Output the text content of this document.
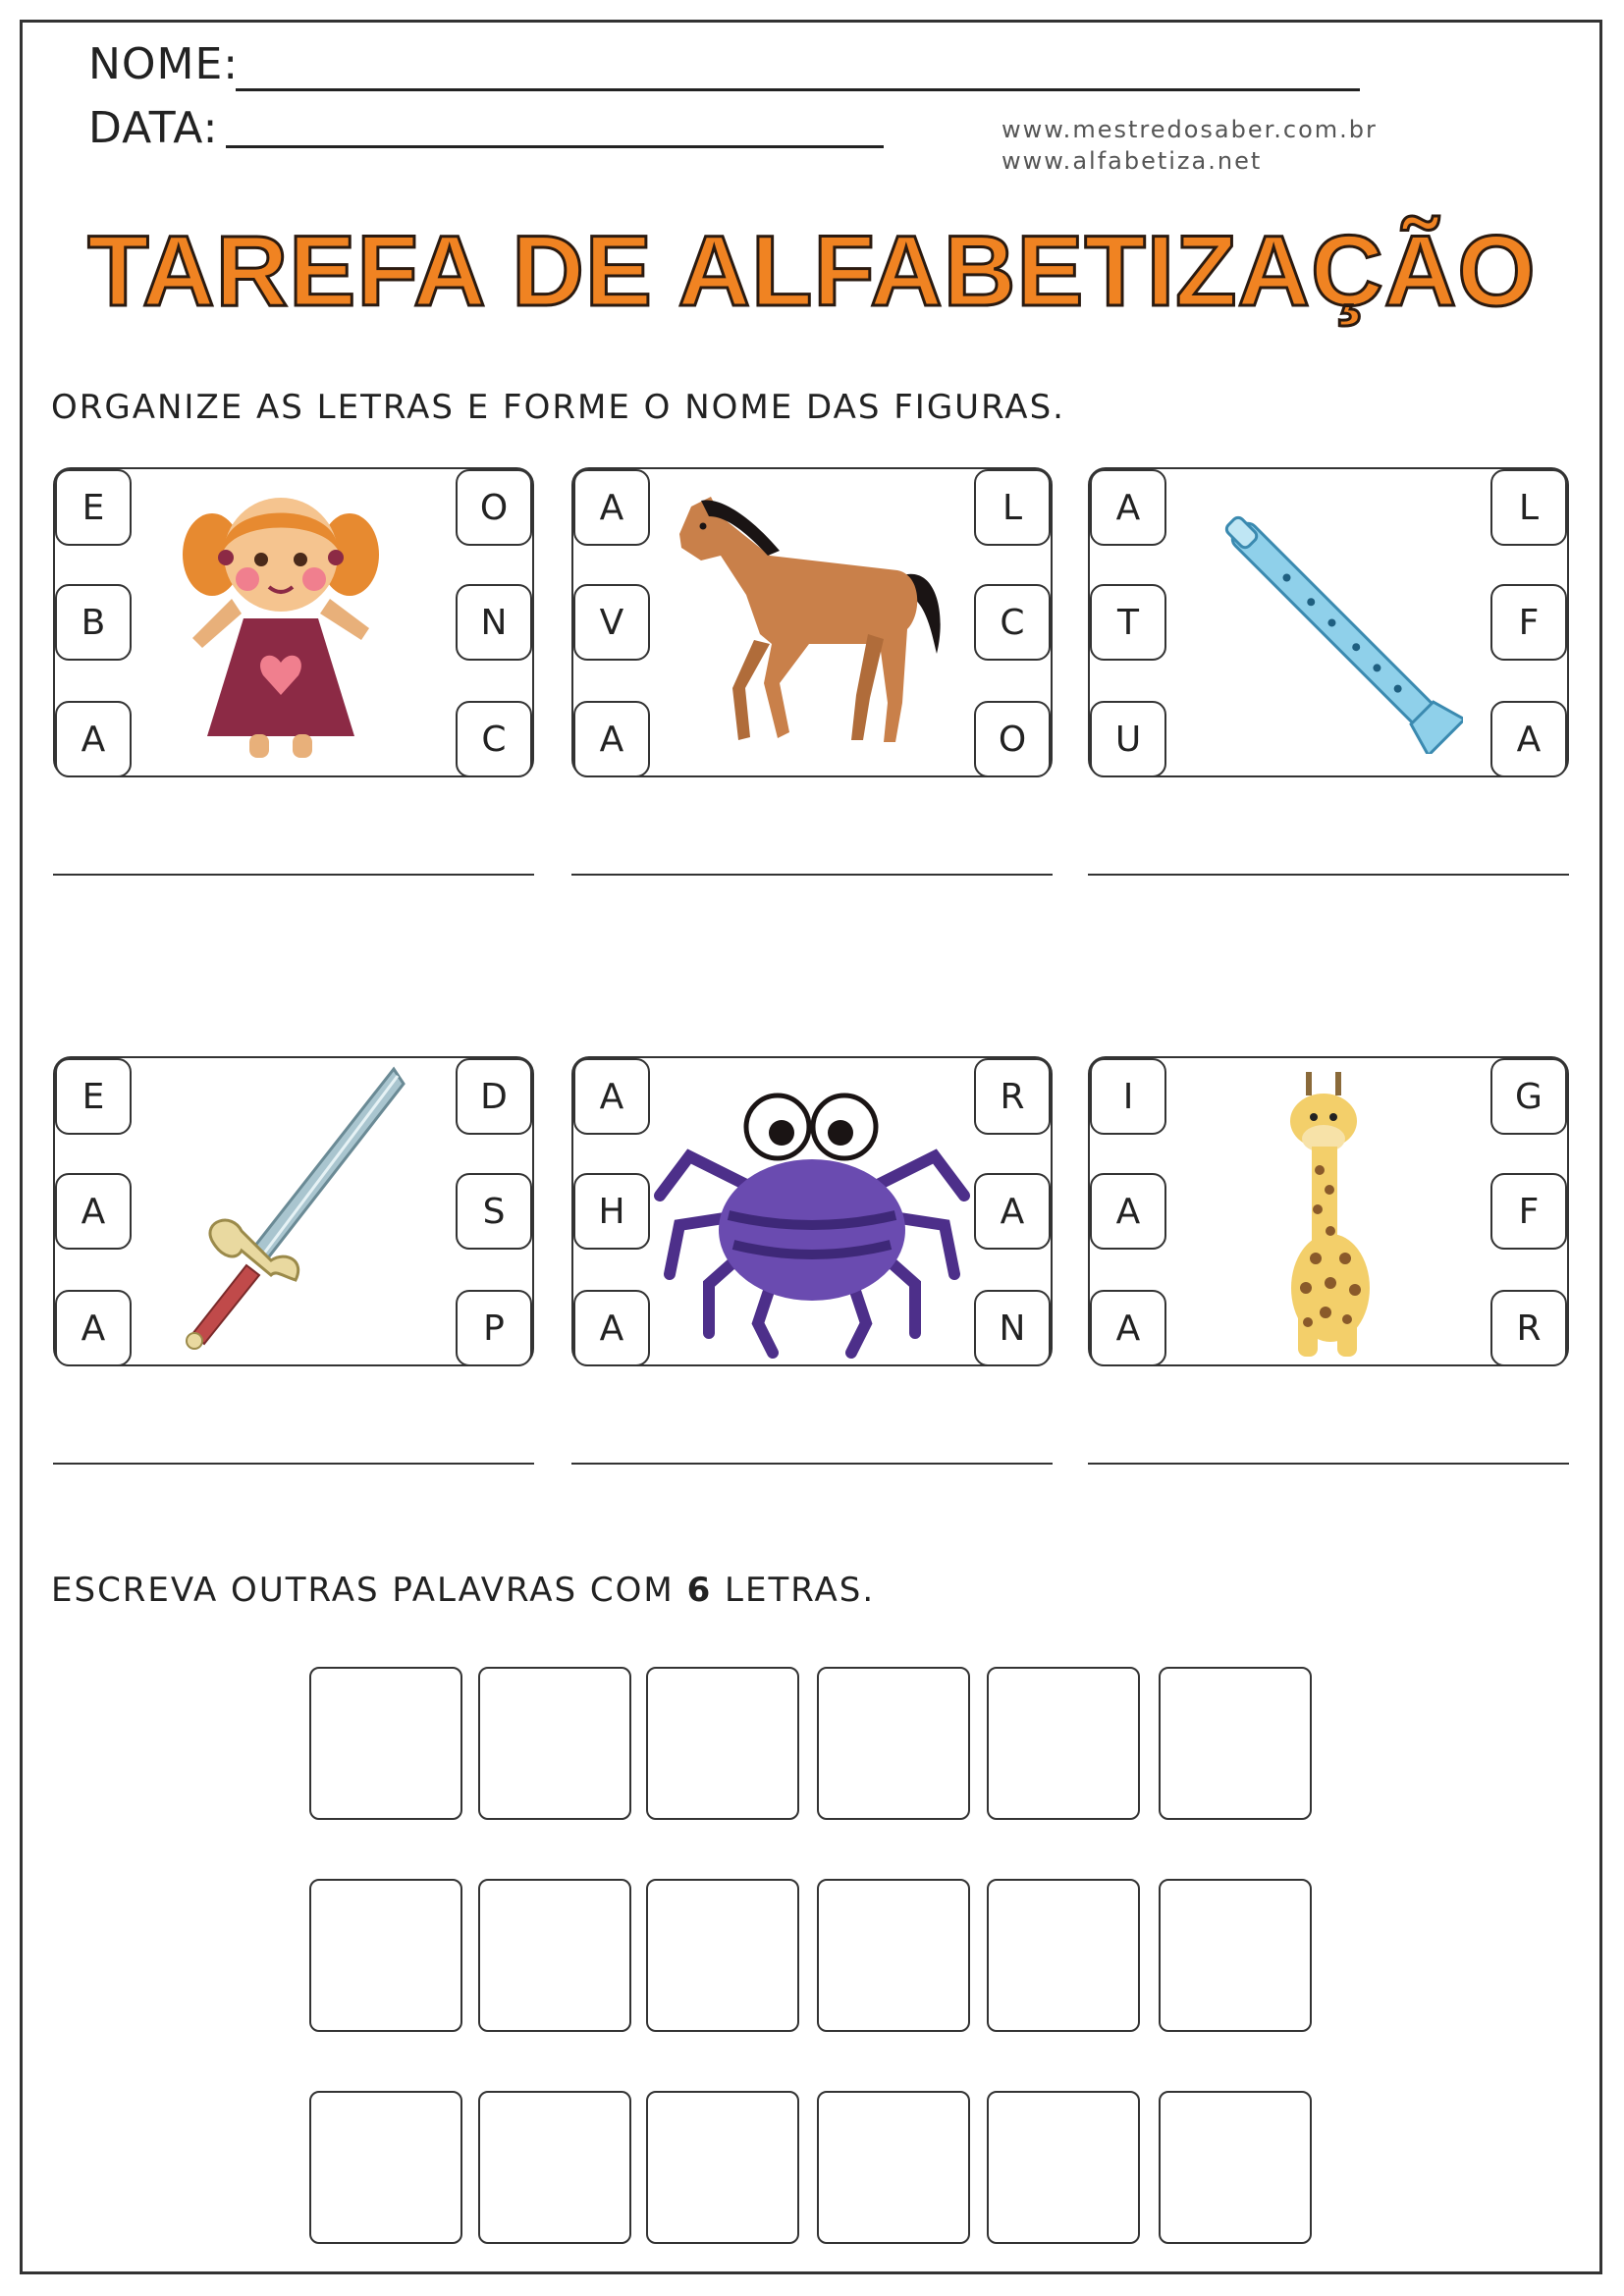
NOME:
DATA:	www.mestredosaber.com.br
www.alfabetiza.net
TAREFA DE ALFABETIZAÇÃO
ORGANIZE AS LETRAS E FORME O NOME DAS FIGURAS.
E
B
A
O
N
C
A
V
A
L
C
O
A
T
U
L
F
A
E
A
A
D
S
P
A
H
A
R
A
N
I
A
A
G
F
R
ESCREVA OUTRAS PALAVRAS COM 6 LETRAS.
